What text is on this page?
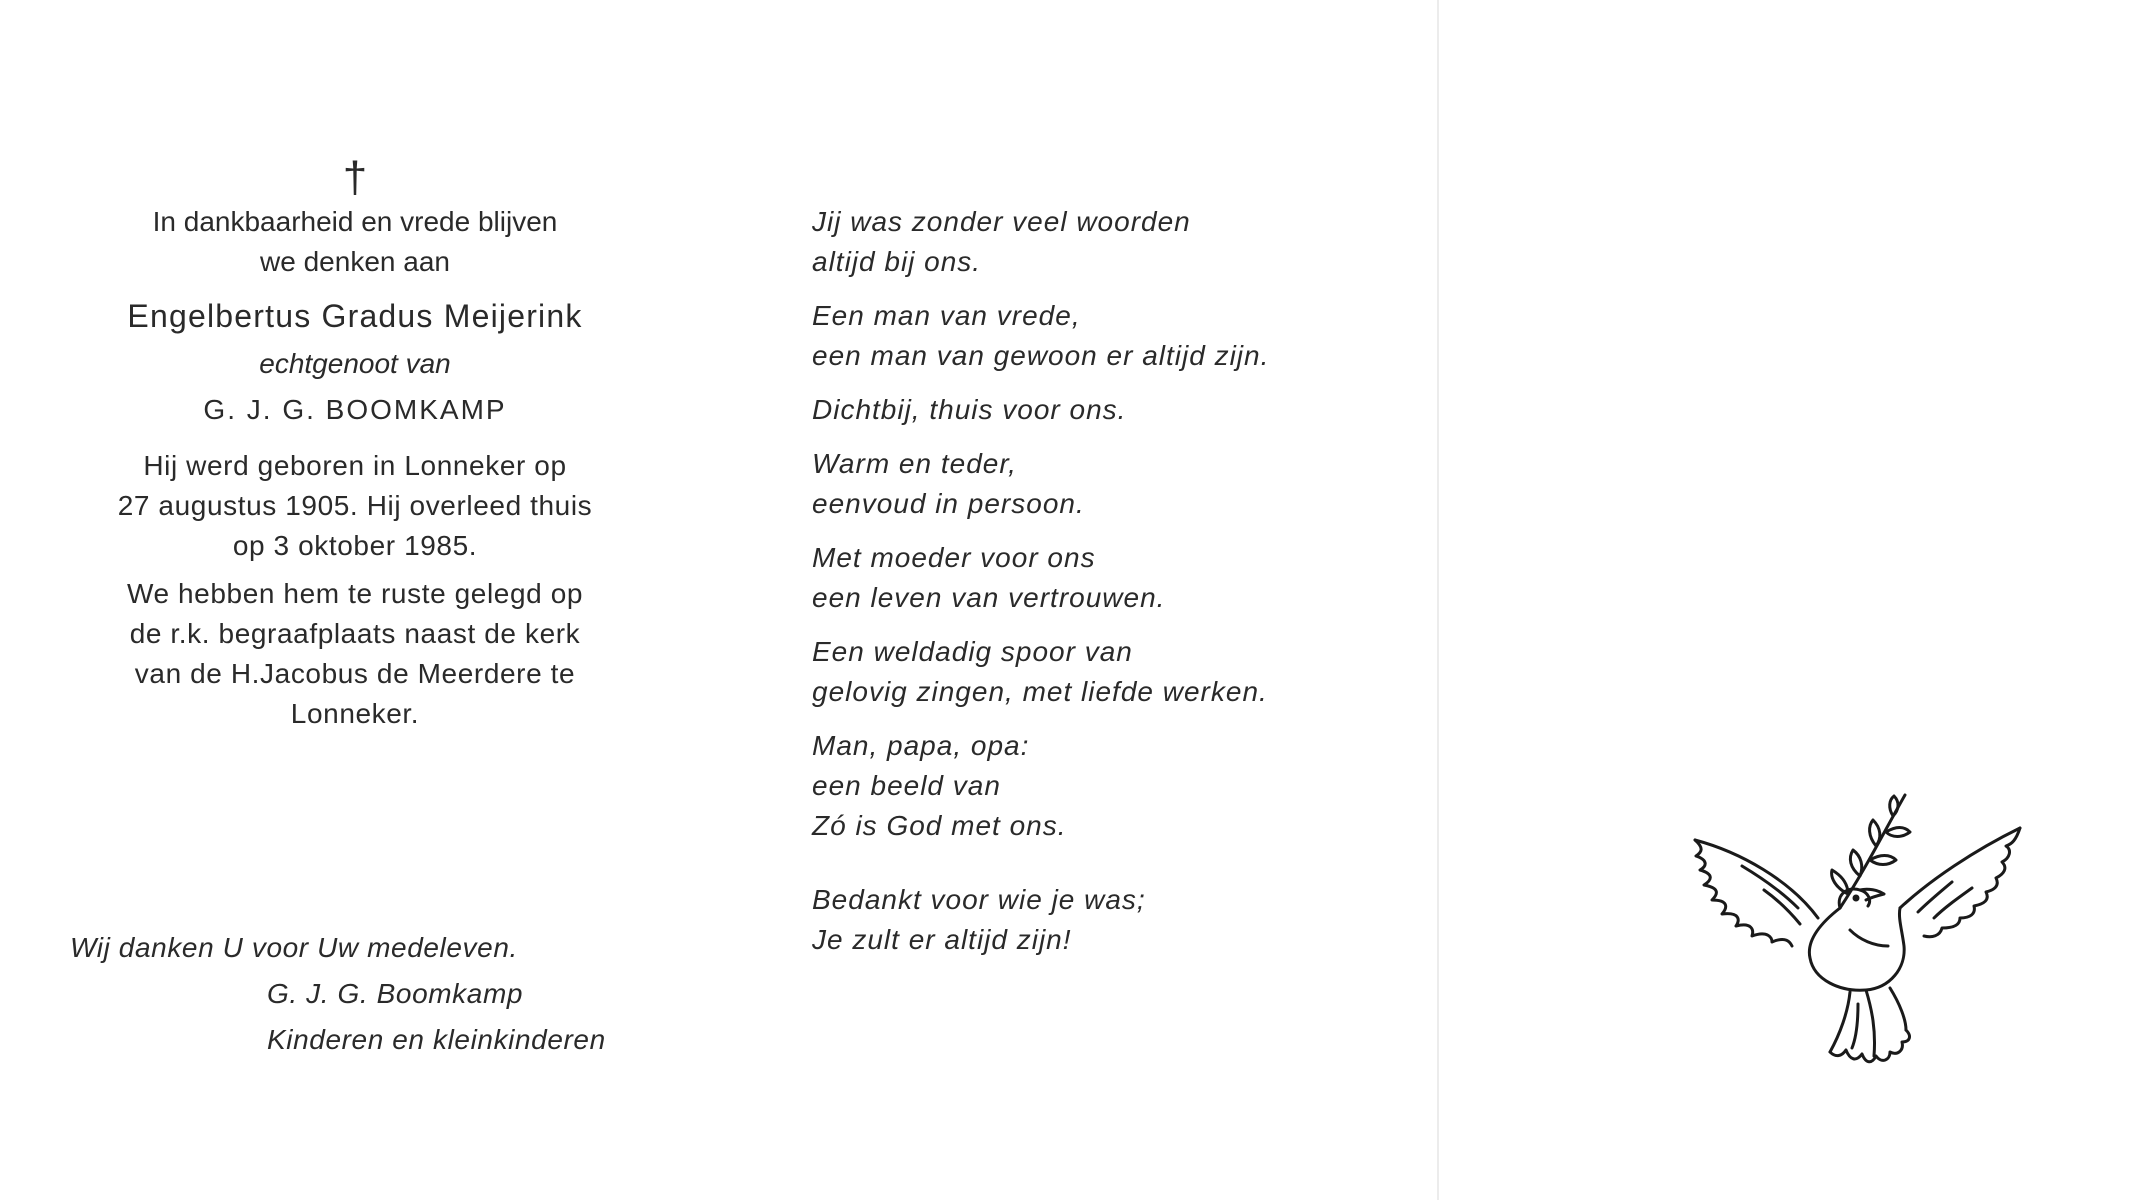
†

In dankbaarheid en vrede blijven

we denken aan

Engelbertus Gradus Meijerink

echtgenoot van

G. J. G. BOOMKAMP

Hij werd geboren in Lonneker op

27 augustus 1905. Hij overleed thuis

op 3 oktober 1985.

We hebben hem te ruste gelegd op

de r.k. begraafplaats naast de kerk

van de H.Jacobus de Meerdere te

Lonneker.

Wij danken U voor Uw medeleven.

G. J. G. Boomkamp

Kinderen en kleinkinderen

Jij was zonder veel woorden

altijd bij ons.

Een man van vrede,

een man van gewoon er altijd zijn.

Dichtbij, thuis voor ons.

Warm en teder,

eenvoud in persoon.

Met moeder voor ons

een leven van vertrouwen.

Een weldadig spoor van

gelovig zingen, met liefde werken.

Man, papa, opa:

een beeld van

Zó is God met ons.

Bedankt voor wie je was;

Je zult er altijd zijn!
